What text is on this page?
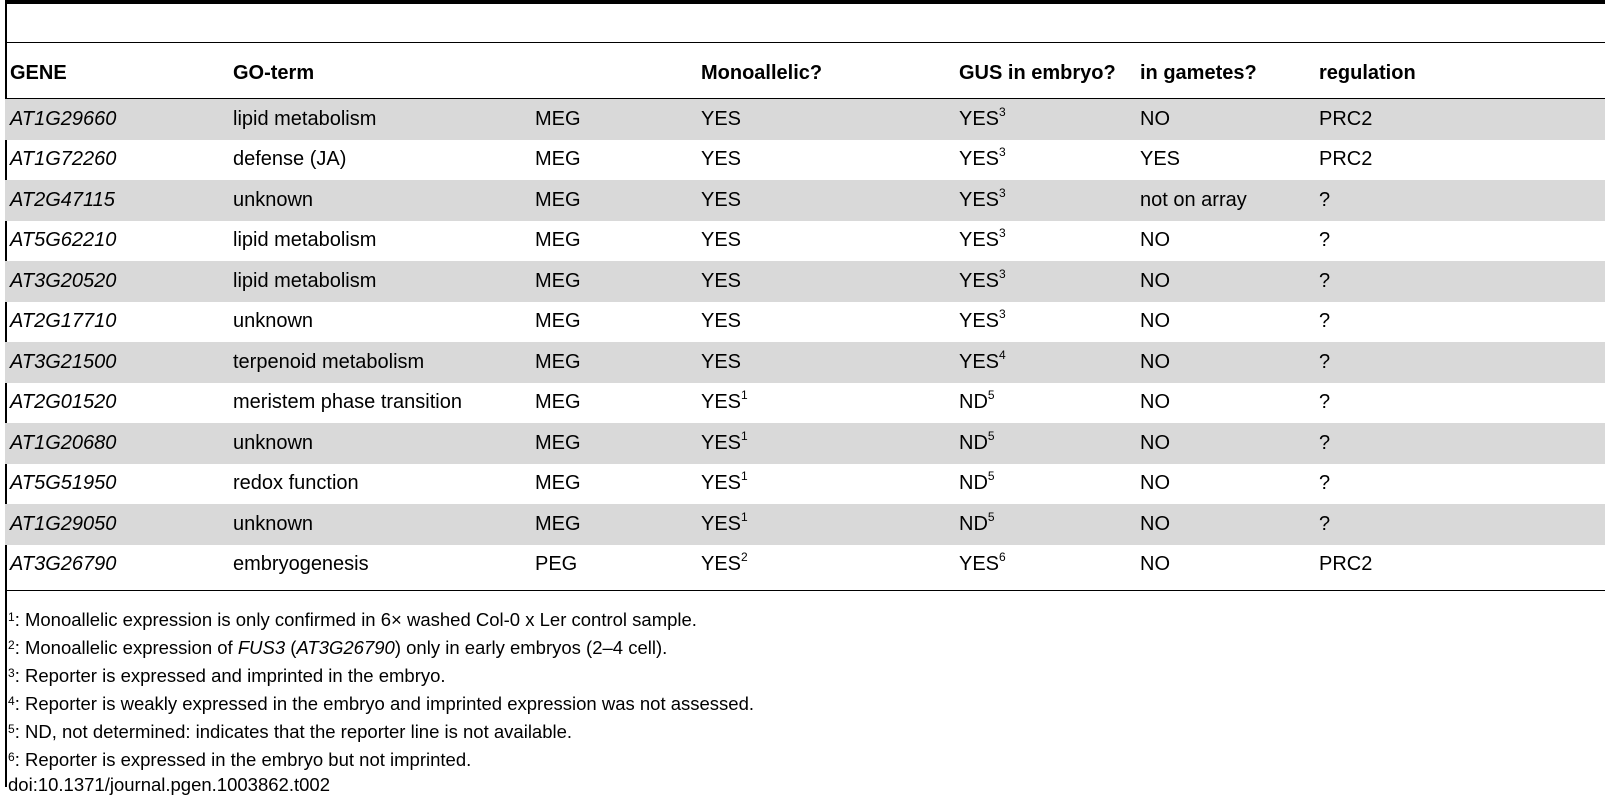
GENE	GO-term		Monoallelic?	GUS in embryo?	in gametes?	regulation
AT1G29660	lipid metabolism	MEG	YES	YES$^3$	NO	PRC2
AT1G72260	defense (JA)	MEG	YES	YES$^3$	YES	PRC2
AT2G47115	unknown	MEG	YES	YES$^3$	not on array	?
AT5G62210	lipid metabolism	MEG	YES	YES$^3$	NO	?
AT3G20520	lipid metabolism	MEG	YES	YES$^3$	NO	?
AT2G17710	unknown	MEG	YES	YES$^3$	NO	?
AT3G21500	terpenoid metabolism	MEG	YES	YES$^4$	NO	?
AT2G01520	meristem phase transition	MEG	YES$^1$	$ND^5$	NO	?
AT1G20680	unknown	MEG	YES$^1$	$ND^5$	NO	?
AT5G51950	redox function	MEG	YES$^1$	$ND^5$	NO	?
AT1G29050	unknown	MEG	YES$^1$	$ND^5$	NO	?
AT3G26790	embryogenesis	PEG	YES$^2$	YES$^6$	NO	PRC2
$^1$: Monoallelic expression is only confirmed in 6× washed Col-0 x Ler control sample.
$^2$: Monoallelic expression of FUS3 (AT3G26790) only in early embryos (2–4 cell).
$^3$: Reporter is expressed and imprinted in the embryo.
$^4$: Reporter is weakly expressed in the embryo and imprinted expression was not assessed.
$^5$: ND, not determined: indicates that the reporter line is not available.
$^6$: Reporter is expressed in the embryo but not imprinted.
doi:10.1371/journal.pgen.1003862.t002
